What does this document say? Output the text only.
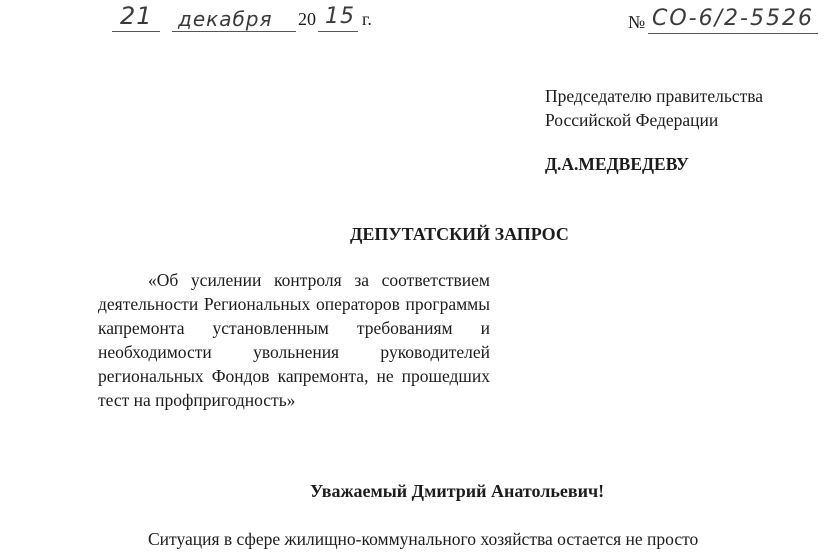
21 декабря 20 15 г.	№ СО-6/2-5526
Председателю правительства
Российской Федерации
Д.А.МЕДВЕДЕВУ
ДЕПУТАТСКИЙ ЗАПРОС
«Об усилении контроля за соответствием деятельности Региональных операторов программы капремонта установленным требованиям и необходимости увольнения руководителей региональных Фондов капремонта, не прошедших тест на профпригодность»
Уважаемый Дмитрий Анатольевич!
Ситуация в сфере жилищно-коммунального хозяйства остается не просто
